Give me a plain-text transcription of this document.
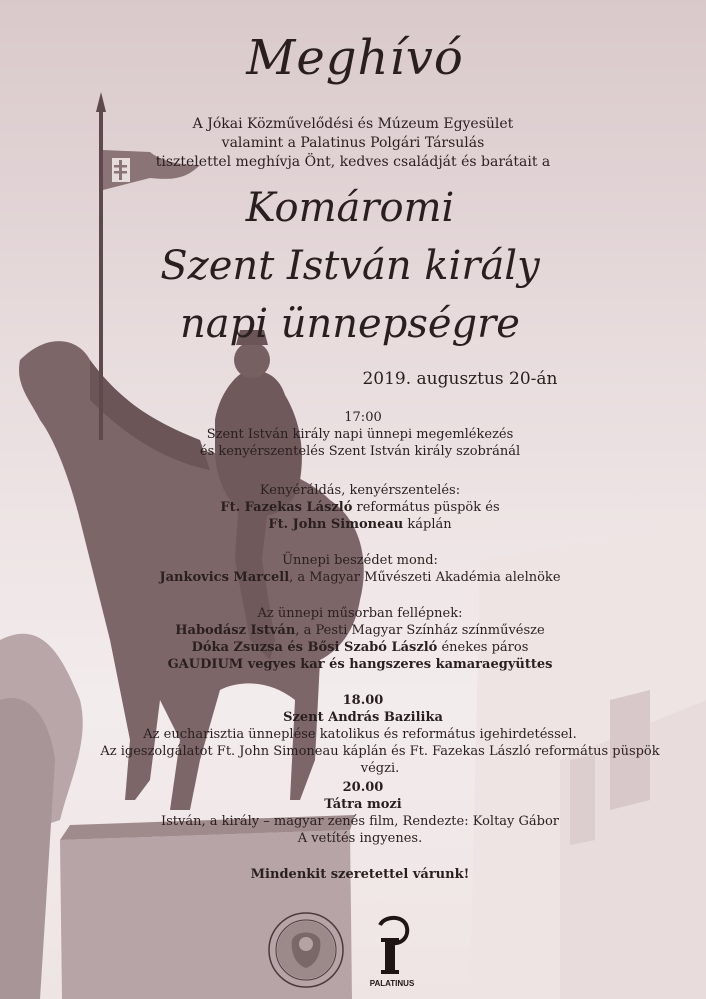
Meghívó
A Jókai Közművelődési és Múzeum Egyesület
valamint a Palatinus Polgári Társulás
tisztelettel meghívja Önt, kedves családját és barátait a
Komáromi
Szent István király
napi ünnepségre
2019. augusztus 20-án
17:00
Szent István király napi ünnepi megemlékezés
és kenyérszentelés Szent István király szobránál
Kenyéráldás, kenyérszentelés:
Ft. Fazekas László református püspök és
Ft. John Simoneau káplán
Ünnepi beszédet mond:
Jankovics Marcell, a Magyar Művészeti Akadémia alelnöke
Az ünnepi műsorban fellépnek:
Habodász István, a Pesti Magyar Színház színművésze
Dóka Zsuzsa és Bősi Szabó László énekes páros
GAUDIUM vegyes kar és hangszeres kamaraegyüttes
18.00
Szent András Bazilika
Az eucharisztia ünneplése katolikus és református igehirdetéssel.
Az igeszolgálatot Ft. John Simoneau káplán és Ft. Fazekas László református püspök végzi.
20.00
Tátra mozi
István, a király – magyar zenés film, Rendezte: Koltay Gábor
A vetítés ingyenes.
Mindenkit szeretettel várunk!
PALATINUS
